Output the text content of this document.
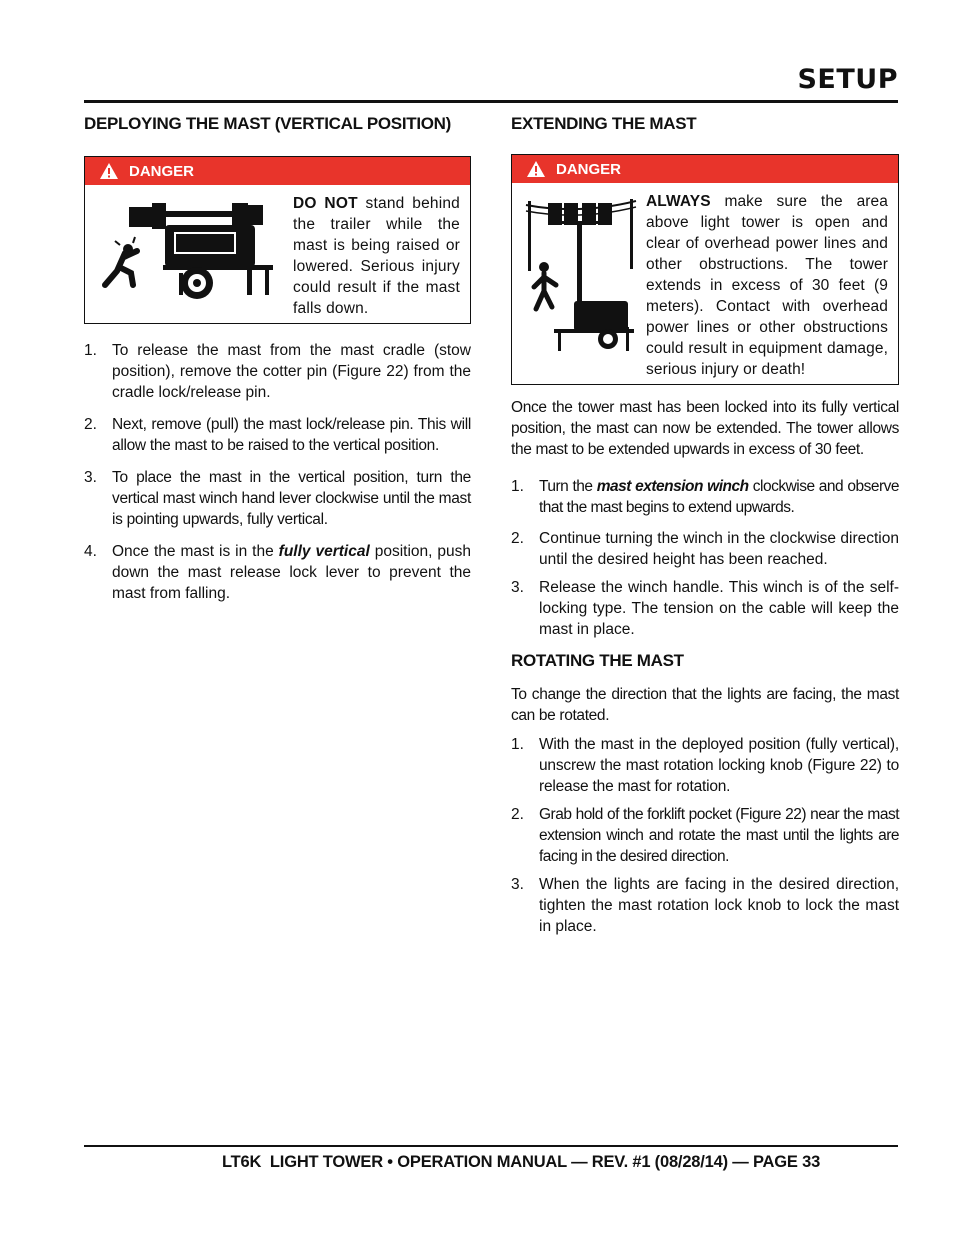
SETUP
DEPLOYING THE MAST (VERTICAL POSITION)
DANGER
DO NOT stand behind the trailer while the mast is being raised or lowered. Serious injury could result if the mast falls down.
1. To release the mast from the mast cradle (stow position), remove the cotter pin (Figure 22) from the cradle lock/release pin.
2. Next, remove (pull) the mast lock/release pin. This will allow the mast to be raised to the vertical position.
3. To place the mast in the vertical position, turn the vertical mast winch hand lever clockwise until the mast is pointing upwards, fully vertical.
4. Once the mast is in the fully vertical position, push down the mast release lock lever to prevent the mast from falling.
EXTENDING THE MAST
DANGER
ALWAYS make sure the area above light tower is open and clear of overhead power lines and other obstructions. The tower extends in excess of 30 feet (9 meters). Contact with overhead power lines or other obstructions could result in equipment damage, serious injury or death!

Once the tower mast has been locked into its fully vertical position, the mast can now be extended. The tower allows the mast to be extended upwards in excess of 30 feet.

1. Turn the mast extension winch clockwise and observe that the mast begins to extend upwards.
2. Continue turning the winch in the clockwise direction until the desired height has been reached.
3. Release the winch handle. This winch is of the self-locking type. The tension on the cable will keep the mast in place.
ROTATING THE MAST

To change the direction that the lights are facing, the mast can be rotated.

1. With the mast in the deployed position (fully vertical), unscrew the mast rotation locking knob (Figure 22) to release the mast for rotation.
2. Grab hold of the forklift pocket (Figure 22) near the mast extension winch and rotate the mast until the lights are facing in the desired direction.
3. When the lights are facing in the desired direction, tighten the mast rotation lock knob to lock the mast in place.
LT6K  LIGHT TOWER • OPERATION MANUAL — REV. #1 (08/28/14) — PAGE 33
